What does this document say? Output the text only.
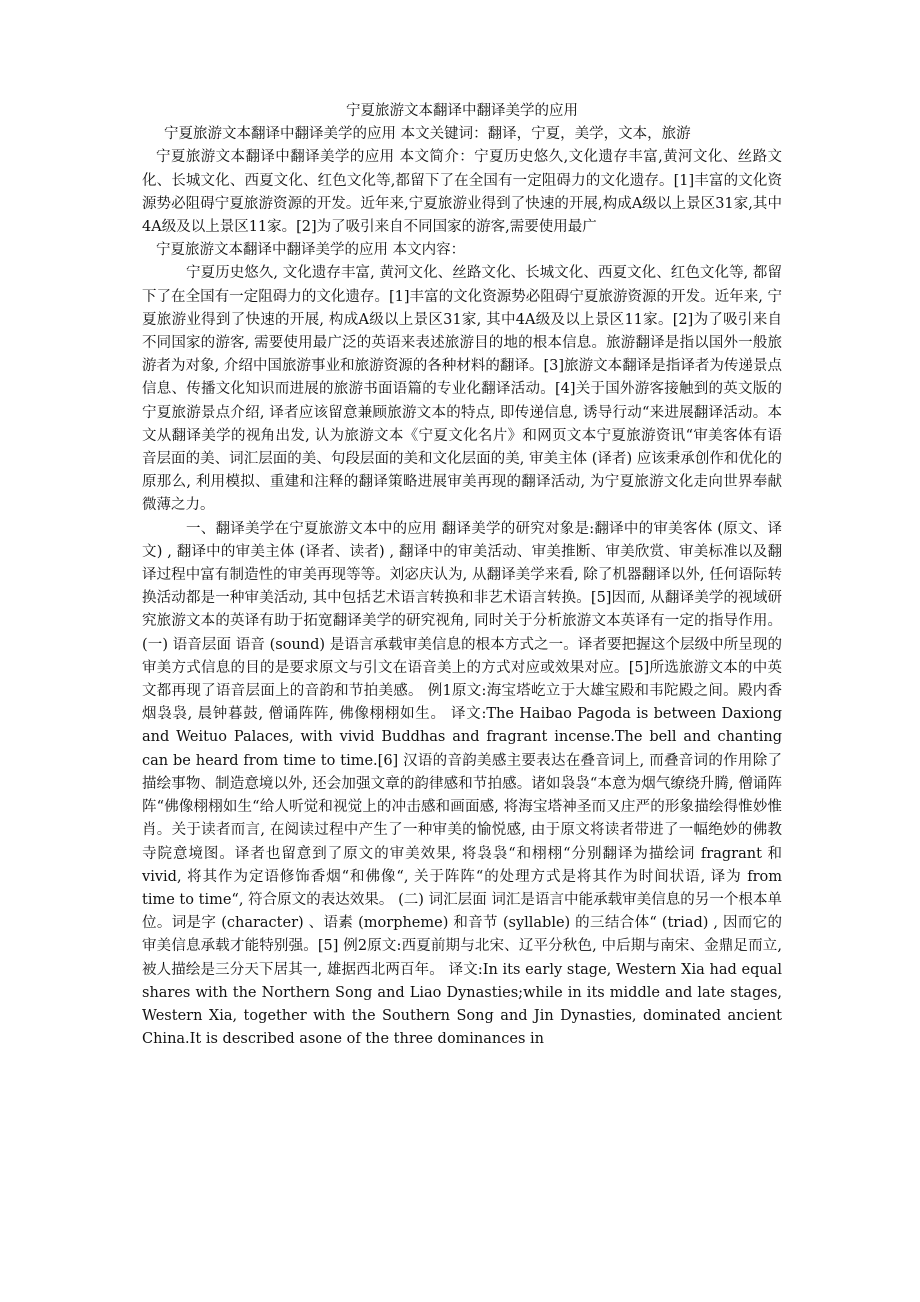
宁夏旅游文本翻译中翻译美学的应用

宁夏旅游文本翻译中翻译美学的应用 本文关键词：翻译，宁夏，美学，文本，旅游

宁夏旅游文本翻译中翻译美学的应用 本文简介：宁夏历史悠久,文化遗存丰富,黄河文化、丝路文化、长城文化、西夏文化、红色文化等,都留下了在全国有一定阻碍力的文化遗存。[1]丰富的文化资源势必阻碍宁夏旅游资源的开发。近年来,宁夏旅游业得到了快速的开展,构成A级以上景区31家,其中4A级及以上景区11家。[2]为了吸引来自不同国家的游客,需要使用最广

宁夏旅游文本翻译中翻译美学的应用 本文内容：

宁夏历史悠久, 文化遗存丰富, 黄河文化、丝路文化、长城文化、西夏文化、红色文化等, 都留下了在全国有一定阻碍力的文化遗存。[1]丰富的文化资源势必阻碍宁夏旅游资源的开发。近年来, 宁夏旅游业得到了快速的开展, 构成A级以上景区31家, 其中4A级及以上景区11家。[2]为了吸引来自不同国家的游客, 需要使用最广泛的英语来表述旅游目的地的根本信息。旅游翻译是指以国外一般旅游者为对象, 介绍中国旅游事业和旅游资源的各种材料的翻译。[3]旅游文本翻译是指译者为传递景点信息、传播文化知识而进展的旅游书面语篇的专业化翻译活动。[4]关于国外游客接触到的英文版的宁夏旅游景点介绍, 译者应该留意兼顾旅游文本的特点, 即传递信息, 诱导行动“来进展翻译活动。本文从翻译美学的视角出发, 认为旅游文本《宁夏文化名片》和网页文本宁夏旅游资讯“审美客体有语音层面的美、词汇层面的美、句段层面的美和文化层面的美, 审美主体 (译者) 应该秉承创作和优化的原那么, 利用模拟、重建和注释的翻译策略进展审美再现的翻译活动, 为宁夏旅游文化走向世界奉献微薄之力。

一、翻译美学在宁夏旅游文本中的应用 翻译美学的研究对象是:翻译中的审美客体 (原文、译文) , 翻译中的审美主体 (译者、读者) , 翻译中的审美活动、审美推断、审美欣赏、审美标准以及翻译过程中富有制造性的审美再现等等。刘宓庆认为, 从翻译美学来看, 除了机器翻译以外, 任何语际转换活动都是一种审美活动, 其中包括艺术语言转换和非艺术语言转换。[5]因而, 从翻译美学的视域研究旅游文本的英译有助于拓宽翻译美学的研究视角, 同时关于分析旅游文本英译有一定的指导作用。 (一) 语音层面 语音 (sound) 是语言承载审美信息的根本方式之一。译者要把握这个层级中所呈现的审美方式信息的目的是要求原文与引文在语音美上的方式对应或效果对应。[5]所选旅游文本的中英文都再现了语音层面上的音韵和节拍美感。 例1原文:海宝塔屹立于大雄宝殿和韦陀殿之间。殿内香烟袅袅, 晨钟暮鼓, 僧诵阵阵, 佛像栩栩如生。 译文:The Haibao Pagoda is between Daxiong and Weituo Palaces, with vivid Buddhas and fragrant incense.The bell and chanting can be heard from time to time.[6] 汉语的音韵美感主要表达在叠音词上, 而叠音词的作用除了描绘事物、制造意境以外, 还会加强文章的韵律感和节拍感。诸如袅袅“本意为烟气缭绕升腾, 僧诵阵阵“佛像栩栩如生“给人听觉和视觉上的冲击感和画面感, 将海宝塔神圣而又庄严的形象描绘得惟妙惟肖。关于读者而言, 在阅读过程中产生了一种审美的愉悦感, 由于原文将读者带进了一幅绝妙的佛教寺院意境图。译者也留意到了原文的审美效果, 将袅袅“和栩栩“分别翻译为描绘词 fragrant 和 vivid, 将其作为定语修饰香烟“和佛像“, 关于阵阵“的处理方式是将其作为时间状语, 译为 from time to time“, 符合原文的表达效果。 (二) 词汇层面 词汇是语言中能承载审美信息的另一个根本单位。词是字 (character) 、语素 (morpheme) 和音节 (syllable) 的三结合体“ (triad) , 因而它的审美信息承载才能特别强。[5] 例2原文:西夏前期与北宋、辽平分秋色, 中后期与南宋、金鼎足而立, 被人描绘是三分天下居其一, 雄据西北两百年。 译文:In its early stage, Western Xia had equal shares with the Northern Song and Liao Dynasties;while in its middle and late stages, Western Xia, together with the Southern Song and Jin Dynasties, dominated ancient China.It is described asone of the three dominances in
